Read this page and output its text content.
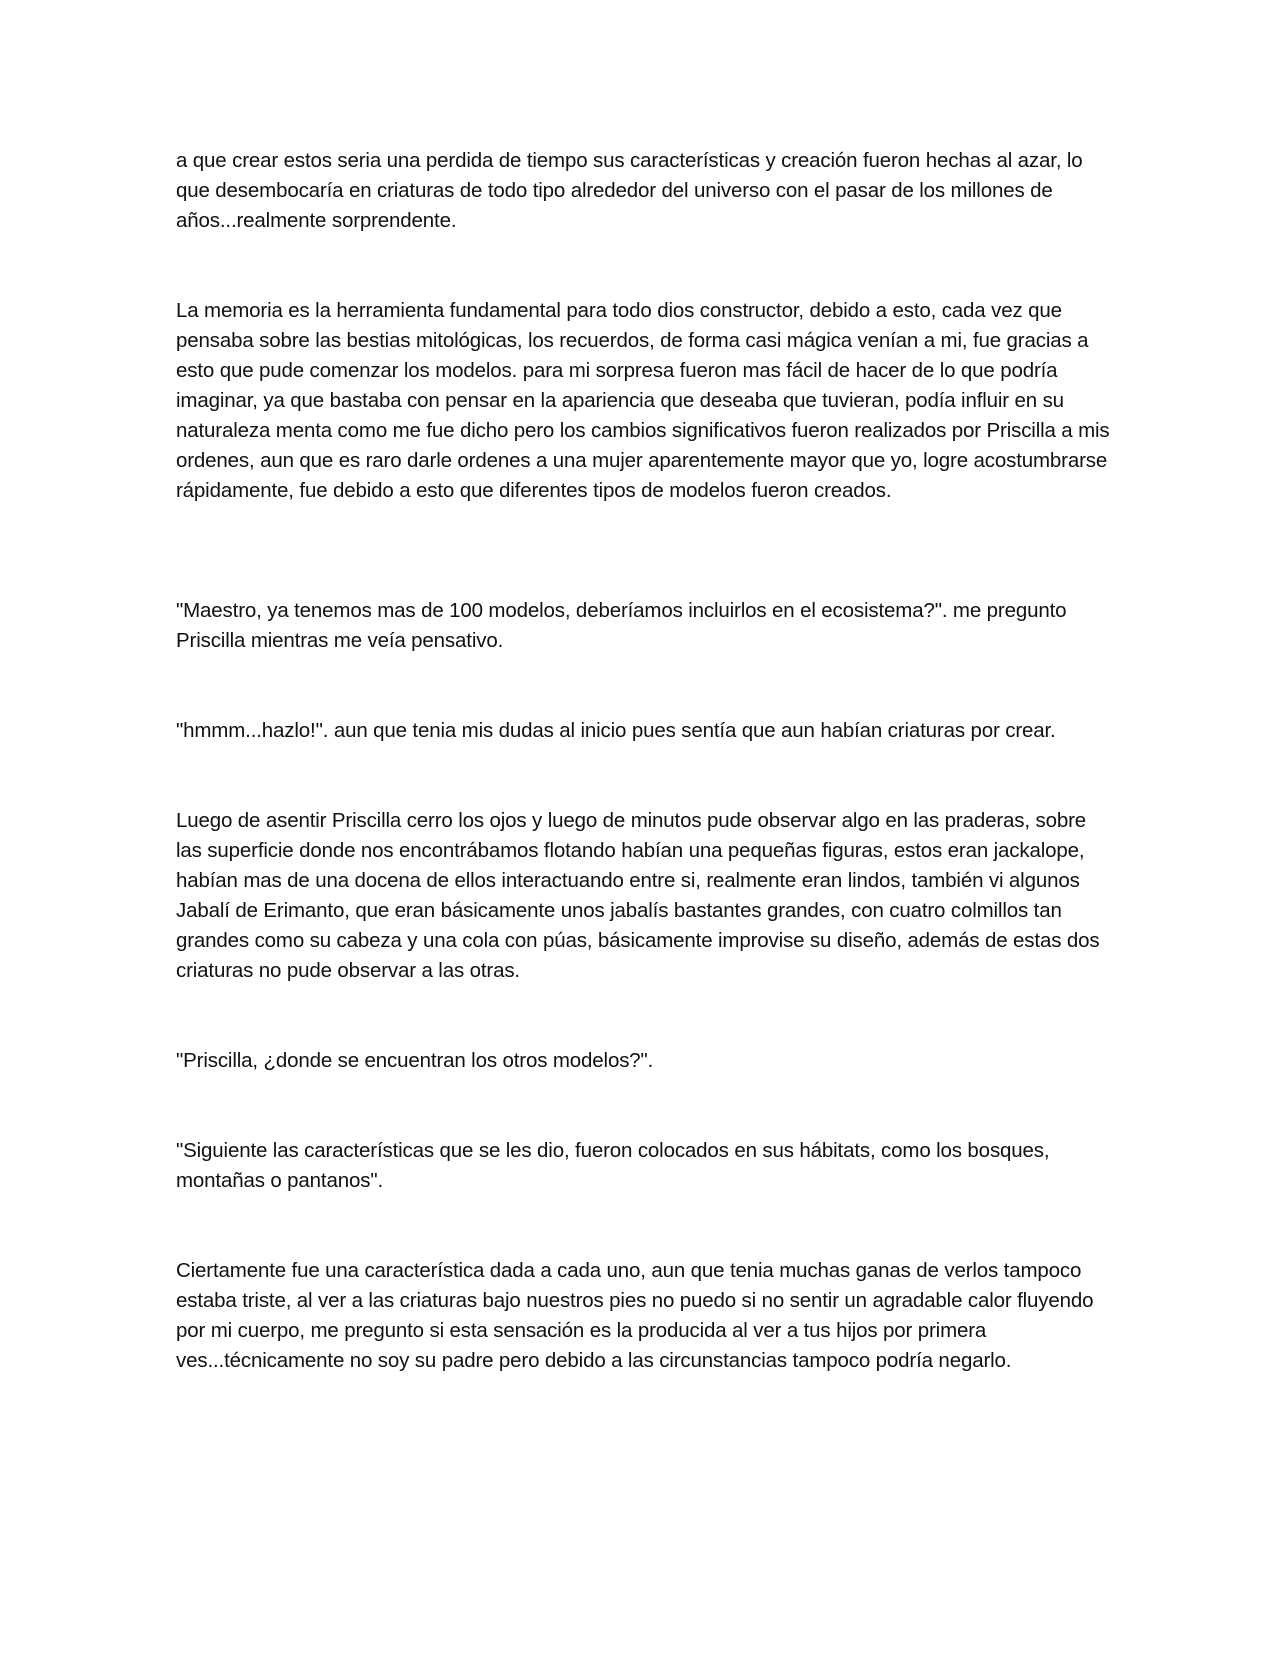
a que crear estos seria una perdida de tiempo sus características y creación fueron hechas al azar, lo que desembocaría en criaturas de todo tipo alrededor del universo con el pasar de los millones de años...realmente sorprendente.

La memoria es la herramienta fundamental para todo dios constructor, debido a esto, cada vez que pensaba sobre las bestias mitológicas, los recuerdos, de forma casi mágica venían a mi, fue gracias a esto que pude comenzar los modelos. para mi sorpresa fueron mas fácil de hacer de lo que podría imaginar, ya que bastaba con pensar en la apariencia que deseaba que tuvieran, podía influir en su naturaleza menta como me fue dicho pero los cambios significativos fueron realizados por Priscilla a mis ordenes, aun que es raro darle ordenes a una mujer aparentemente mayor que yo, logre acostumbrarse rápidamente, fue debido a esto que diferentes tipos de modelos fueron creados.

"Maestro, ya tenemos mas de 100 modelos, deberíamos incluirlos en el ecosistema?". me pregunto Priscilla mientras me veía pensativo.

"hmmm...hazlo!". aun que tenia mis dudas al inicio pues sentía que aun habían criaturas por crear.

Luego de asentir Priscilla cerro los ojos y luego de minutos pude observar algo en las praderas, sobre las superficie donde nos encontrábamos flotando habían una pequeñas figuras, estos eran jackalope, habían mas de una docena de ellos interactuando entre si, realmente eran lindos, también vi algunos Jabalí de Erimanto, que eran básicamente unos jabalís bastantes grandes, con cuatro colmillos tan grandes como su cabeza y una cola con púas, básicamente improvise su diseño, además de estas dos criaturas no pude observar a las otras.

"Priscilla, ¿donde se encuentran los otros modelos?".

"Siguiente las características que se les dio, fueron colocados en sus hábitats, como los bosques, montañas o pantanos".

Ciertamente fue una característica dada a cada uno, aun que tenia muchas ganas de verlos tampoco estaba triste, al ver a las criaturas bajo nuestros pies no puedo si no sentir un agradable calor fluyendo por mi cuerpo, me pregunto si esta sensación es la producida al ver a tus hijos por primera ves...técnicamente no soy su padre pero debido a las circunstancias tampoco podría negarlo.
